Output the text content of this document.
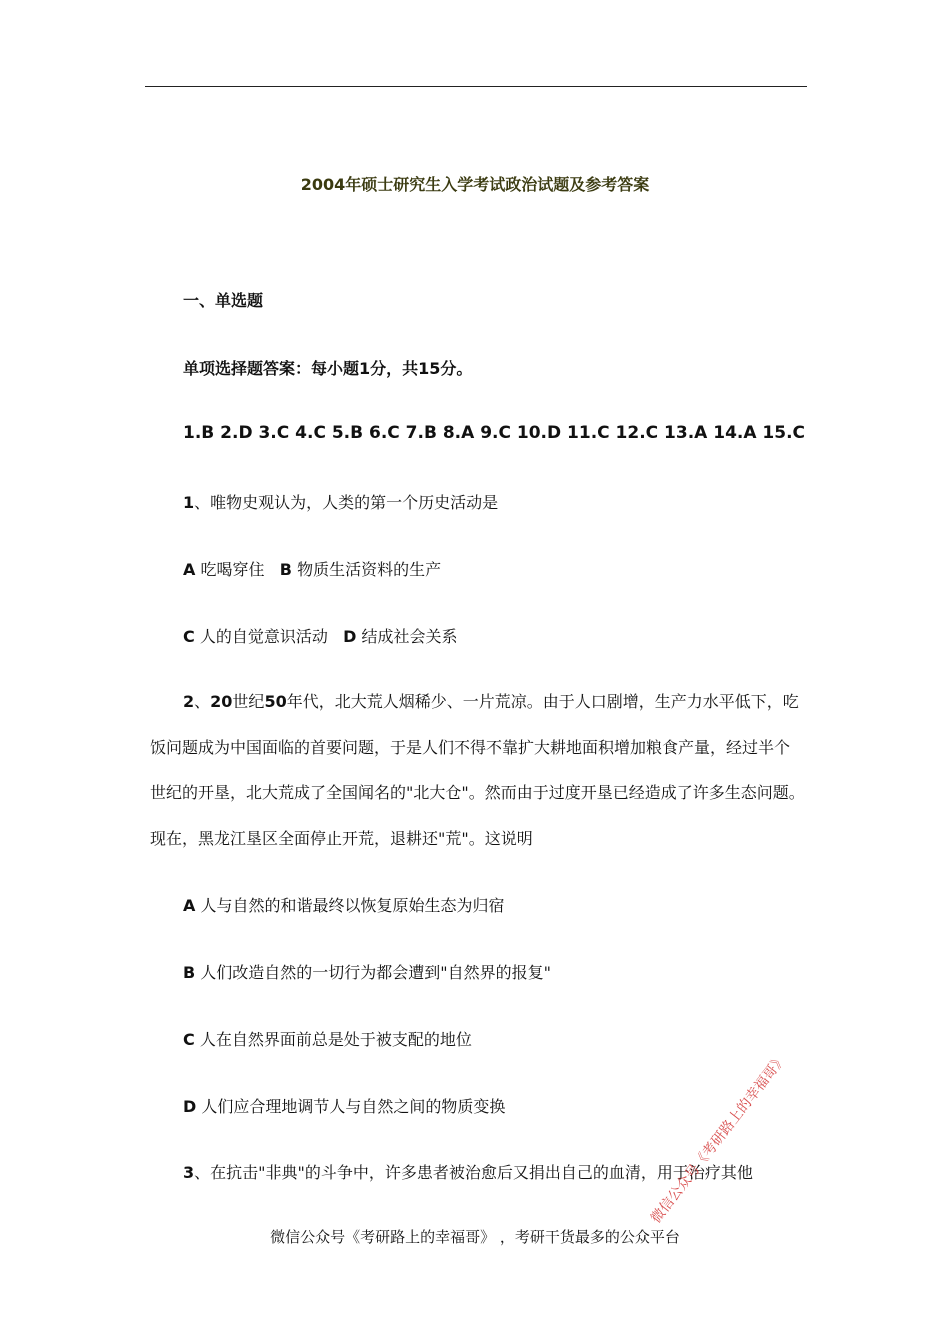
2004年硕士研究生入学考试政治试题及参考答案
一、单选题
单项选择题答案：每小题1分，共15分。
1.B 2.D 3.C 4.C 5.B 6.C 7.B 8.A 9.C 10.D 11.C 12.C 13.A 14.A 15.C
1、唯物史观认为，人类的第一个历史活动是
A 吃喝穿住 B 物质生活资料的生产
C 人的自觉意识活动 D 结成社会关系
2、20世纪50年代，北大荒人烟稀少、一片荒凉。由于人口剧增，生产力水平低下，吃饭问题成为中国面临的首要问题，于是人们不得不靠扩大耕地面积增加粮食产量，经过半个世纪的开垦，北大荒成了全国闻名的"北大仓"。然而由于过度开垦已经造成了许多生态问题。现在，黑龙江垦区全面停止开荒，退耕还"荒"。这说明
A 人与自然的和谐最终以恢复原始生态为归宿
B 人们改造自然的一切行为都会遭到"自然界的报复"
C 人在自然界面前总是处于被支配的地位
D 人们应合理地调节人与自然之间的物质变换
3、在抗击"非典"的斗争中，许多患者被治愈后又捐出自己的血清，用于治疗其他
微信公众号《考研路上的幸福哥》
微信公众号《考研路上的幸福哥》 ，考研干货最多的公众平台
